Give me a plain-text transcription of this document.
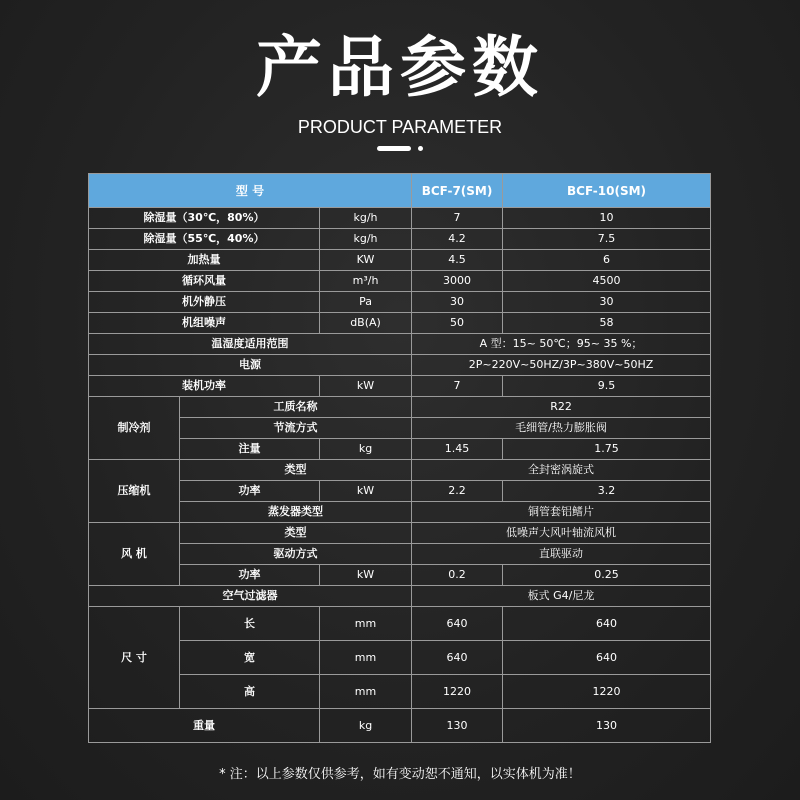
产品参数
PRODUCT PARAMETER
型 号			BCF-7(SM)	BCF-10(SM)
除湿量（30℃，80%）		kg/h	7	10
除湿量（55℃，40%）		kg/h	4.2	7.5
加热量		KW	4.5	6
循环风量		m³/h	3000	4500
机外静压		Pa	30	30
机组噪声		dB(A)	50	58
温湿度适用范围			A 型：15~ 50℃；95~ 35 %；	
电源			2P~220V~50HZ/3P~380V~50HZ	
装机功率		kW	7	9.5
制冷剂	工质名称		R22	
	节流方式		毛细管/热力膨胀阀	
	注量	kg	1.45	1.75
压缩机	类型		全封密涡旋式	
	功率	kW	2.2	3.2
	蒸发器类型		铜管套铝鳍片	
风 机	类型		低噪声大风叶轴流风机	
	驱动方式		直联驱动	
	功率	kW	0.2	0.25
空气过滤器			板式 G4/尼龙	
尺 寸	长	mm	640	640
	宽	mm	640	640
	高	mm	1220	1220
重量		kg	130	130
* 注：以上参数仅供参考，如有变动恕不通知，以实体机为准！
